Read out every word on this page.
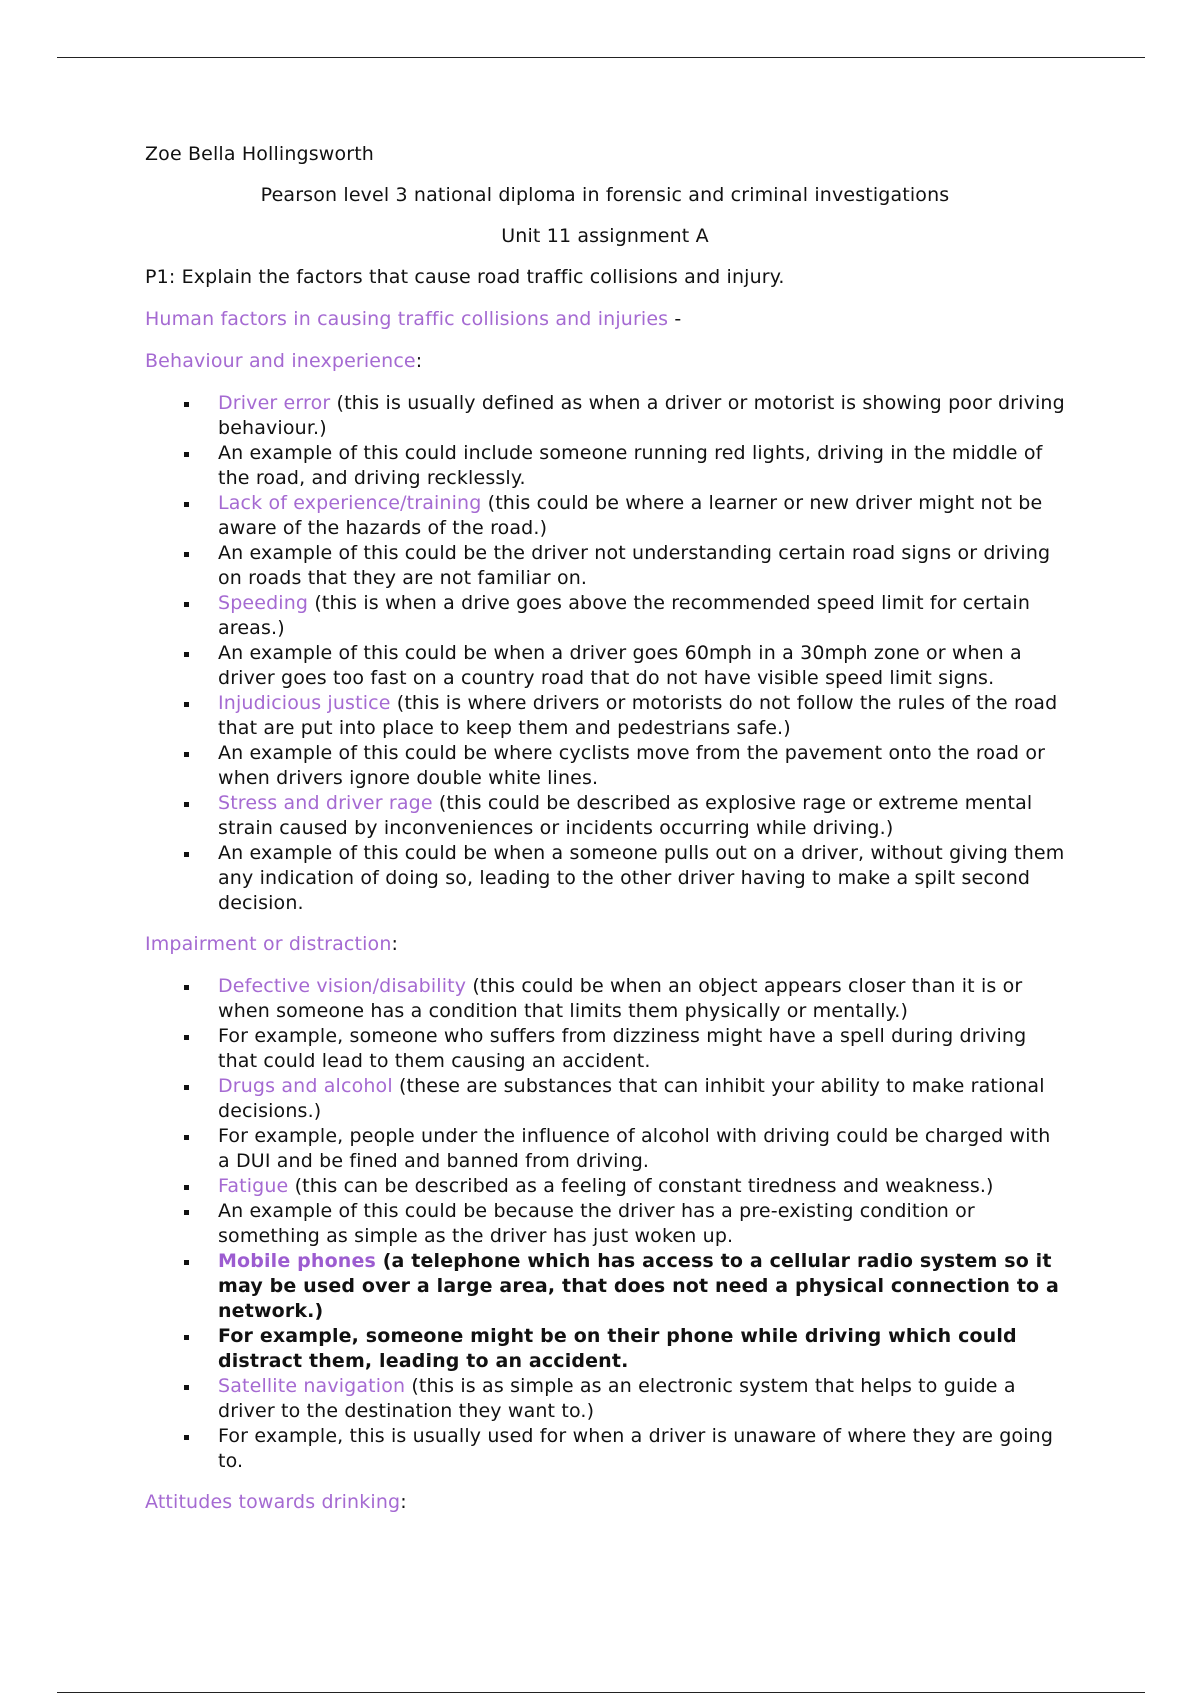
Zoe Bella Hollingsworth

Pearson level 3 national diploma in forensic and criminal investigations

Unit 11 assignment A

P1: Explain the factors that cause road traffic collisions and injury.

Human factors in causing traffic collisions and injuries -

Behaviour and inexperience:

Driver error (this is usually defined as when a driver or motorist is showing poor driving behaviour.)
An example of this could include someone running red lights, driving in the middle of the road, and driving recklessly.
Lack of experience/training (this could be where a learner or new driver might not be aware of the hazards of the road.)
An example of this could be the driver not understanding certain road signs or driving on roads that they are not familiar on.
Speeding (this is when a drive goes above the recommended speed limit for certain areas.)
An example of this could be when a driver goes 60mph in a 30mph zone or when a driver goes too fast on a country road that do not have visible speed limit signs.
Injudicious justice (this is where drivers or motorists do not follow the rules of the road that are put into place to keep them and pedestrians safe.)
An example of this could be where cyclists move from the pavement onto the road or when drivers ignore double white lines.
Stress and driver rage (this could be described as explosive rage or extreme mental strain caused by inconveniences or incidents occurring while driving.)
An example of this could be when a someone pulls out on a driver, without giving them any indication of doing so, leading to the other driver having to make a spilt second decision.

Impairment or distraction:

Defective vision/disability (this could be when an object appears closer than it is or when someone has a condition that limits them physically or mentally.)
For example, someone who suffers from dizziness might have a spell during driving that could lead to them causing an accident.
Drugs and alcohol (these are substances that can inhibit your ability to make rational decisions.)
For example, people under the influence of alcohol with driving could be charged with a DUI and be fined and banned from driving.
Fatigue (this can be described as a feeling of constant tiredness and weakness.)
An example of this could be because the driver has a pre-existing condition or something as simple as the driver has just woken up.
Mobile phones (a telephone which has access to a cellular radio system so it may be used over a large area, that does not need a physical connection to a network.)
For example, someone might be on their phone while driving which could distract them, leading to an accident.
Satellite navigation (this is as simple as an electronic system that helps to guide a driver to the destination they want to.)
For example, this is usually used for when a driver is unaware of where they are going to.

Attitudes towards drinking:
